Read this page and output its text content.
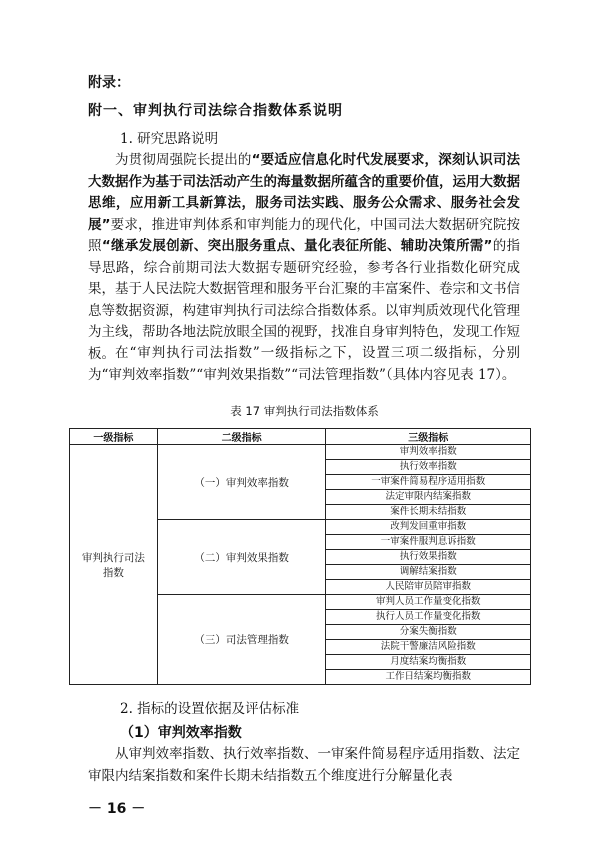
附录：
附一、审判执行司法综合指数体系说明
1. 研究思路说明

为贯彻周强院长提出的“要适应信息化时代发展要求，深刻认识司法大数据作为基于司法活动产生的海量数据所蕴含的重要价值，运用大数据思维，应用新工具新算法，服务司法实践、服务公众需求、服务社会发展”要求，推进审判体系和审判能力的现代化，中国司法大数据研究院按照“继承发展创新、突出服务重点、量化表征所能、辅助决策所需”的指导思路，综合前期司法大数据专题研究经验，参考各行业指数化研究成果，基于人民法院大数据管理和服务平台汇聚的丰富案件、卷宗和文书信息等数据资源，构建审判执行司法综合指数体系。以审判质效现代化管理为主线，帮助各地法院放眼全国的视野，找准自身审判特色，发现工作短板。 在“审判执行司法指数”一级指标之下，设置三项二级指标，分别为“审判效率指数”“审判效果指数”“司法管理指数”（具体内容见表 17）。

表 17 审判执行司法指数体系
一级指标	二级指标	三级指标
审判执行司法指数	（一）审判效率指数	审判效率指数
		执行效率指数
		一审案件简易程序适用指数
		法定审限内结案指数
		案件长期未结指数
	（二）审判效果指数	改判发回重审指数
		一审案件服判息诉指数
		执行效果指数
		调解结案指数
		人民陪审员陪审指数
	（三）司法管理指数	审判人员工作量变化指数
		执行人员工作量变化指数
		分案失衡指数
		法院干警廉洁风险指数
		月度结案均衡指数
		工作日结案均衡指数
2. 指标的设置依据及评估标准
（1）审判效率指数

从审判效率指数、执行效率指数、一审案件简易程序适用指数、法定审限内结案指数和案件长期未结指数五个维度进行分解量化表

－ 16 －
